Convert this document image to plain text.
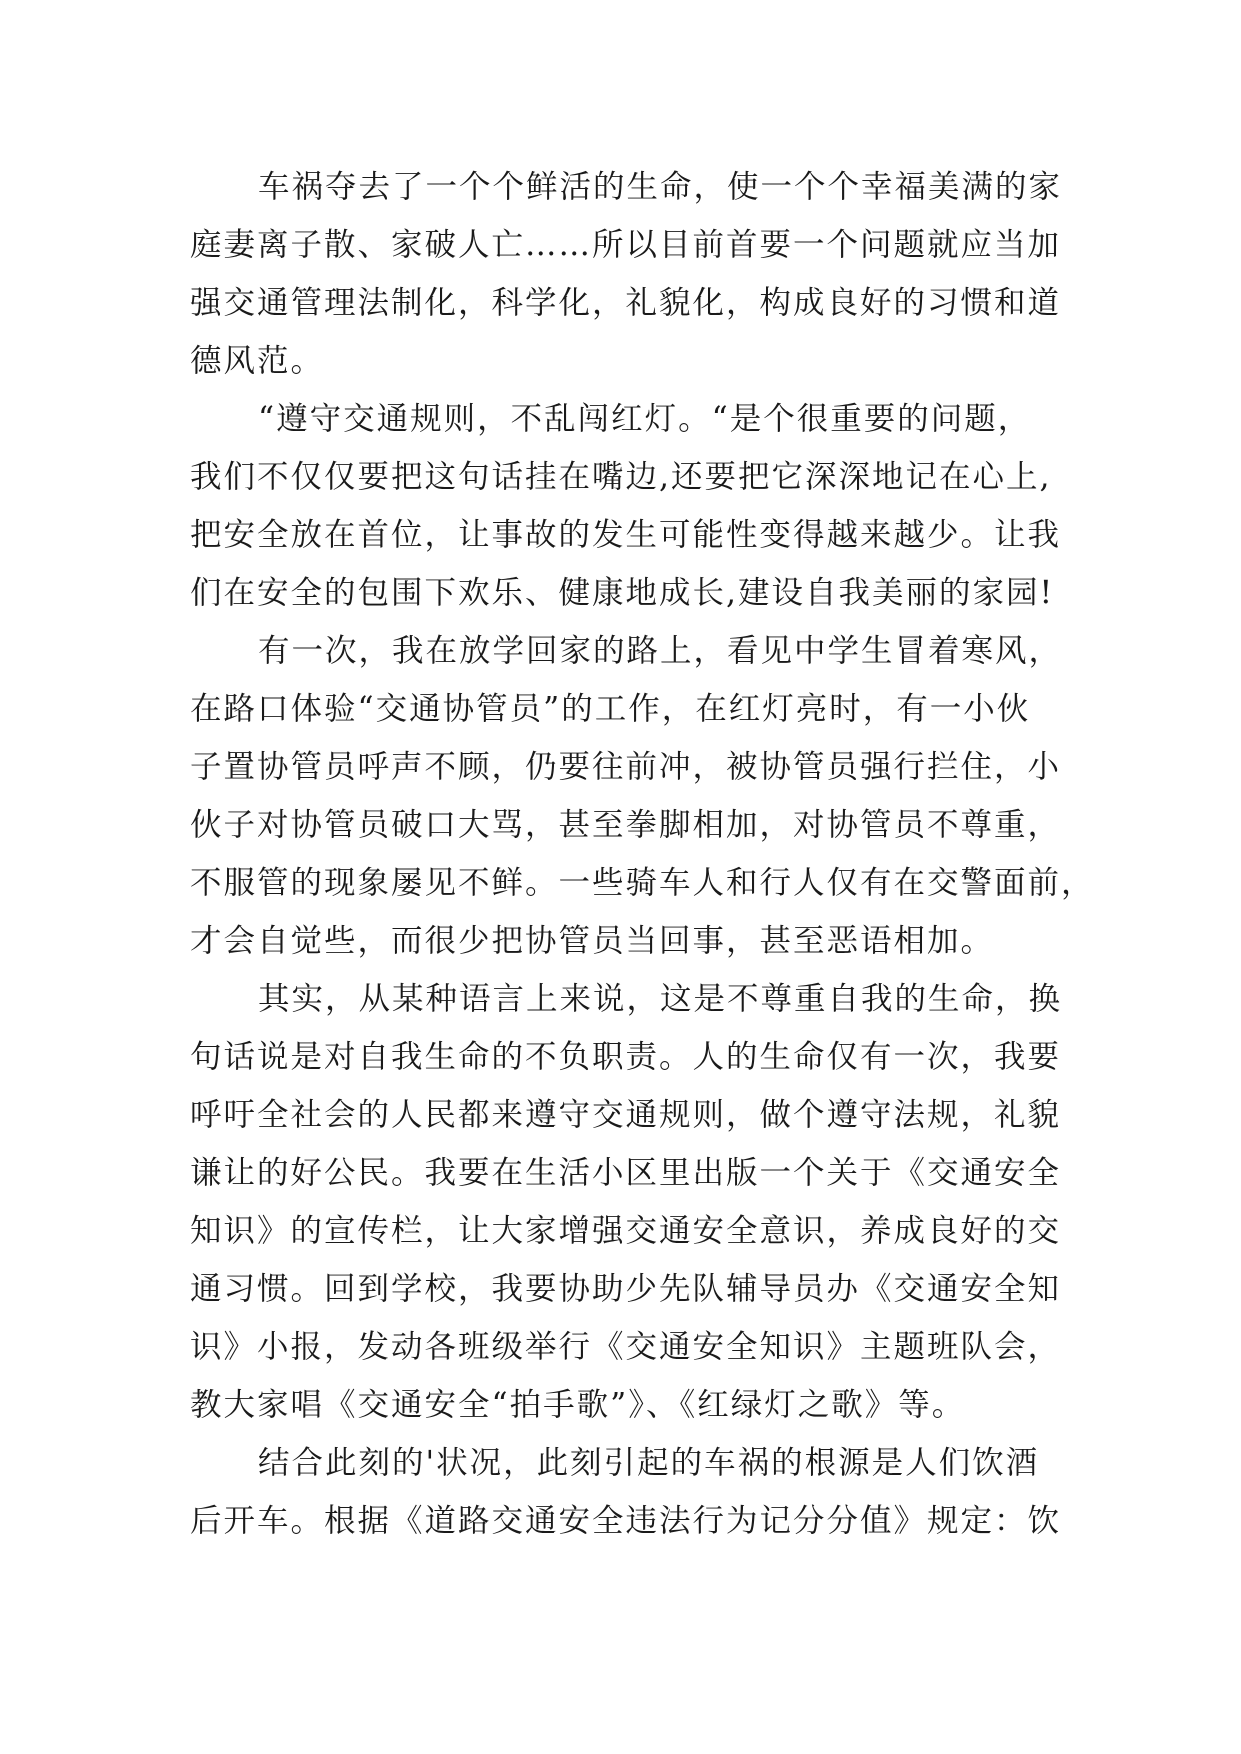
车祸夺去了一个个鲜活的生命，使一个个幸福美满的家
庭妻离子散、家破人亡……所以目前首要一个问题就应当加
强交通管理法制化，科学化，礼貌化，构成良好的习惯和道
德风范。

“遵守交通规则，不乱闯红灯。“是个很重要的问题，
我们不仅仅要把这句话挂在嘴边,还要把它深深地记在心上,
把安全放在首位，让事故的发生可能性变得越来越少。让我
们在安全的包围下欢乐、健康地成长,建设自我美丽的家园!

有一次，我在放学回家的路上，看见中学生冒着寒风，
在路口体验“交通协管员”的工作，在红灯亮时，有一小伙
子置协管员呼声不顾，仍要往前冲，被协管员强行拦住，小
伙子对协管员破口大骂，甚至拳脚相加，对协管员不尊重，
不服管的现象屡见不鲜。一些骑车人和行人仅有在交警面前，
才会自觉些，而很少把协管员当回事，甚至恶语相加。

其实，从某种语言上来说，这是不尊重自我的生命，换
句话说是对自我生命的不负职责。人的生命仅有一次，我要
呼吁全社会的人民都来遵守交通规则，做个遵守法规，礼貌
谦让的好公民。我要在生活小区里出版一个关于《交通安全
知识》的宣传栏，让大家增强交通安全意识，养成良好的交
通习惯。回到学校，我要协助少先队辅导员办《交通安全知
识》小报，发动各班级举行《交通安全知识》主题班队会，
教大家唱《交通安全“拍手歌”》、《红绿灯之歌》等。

结合此刻的'状况，此刻引起的车祸的根源是人们饮酒
后开车。根据《道路交通安全违法行为记分分值》规定：饮
